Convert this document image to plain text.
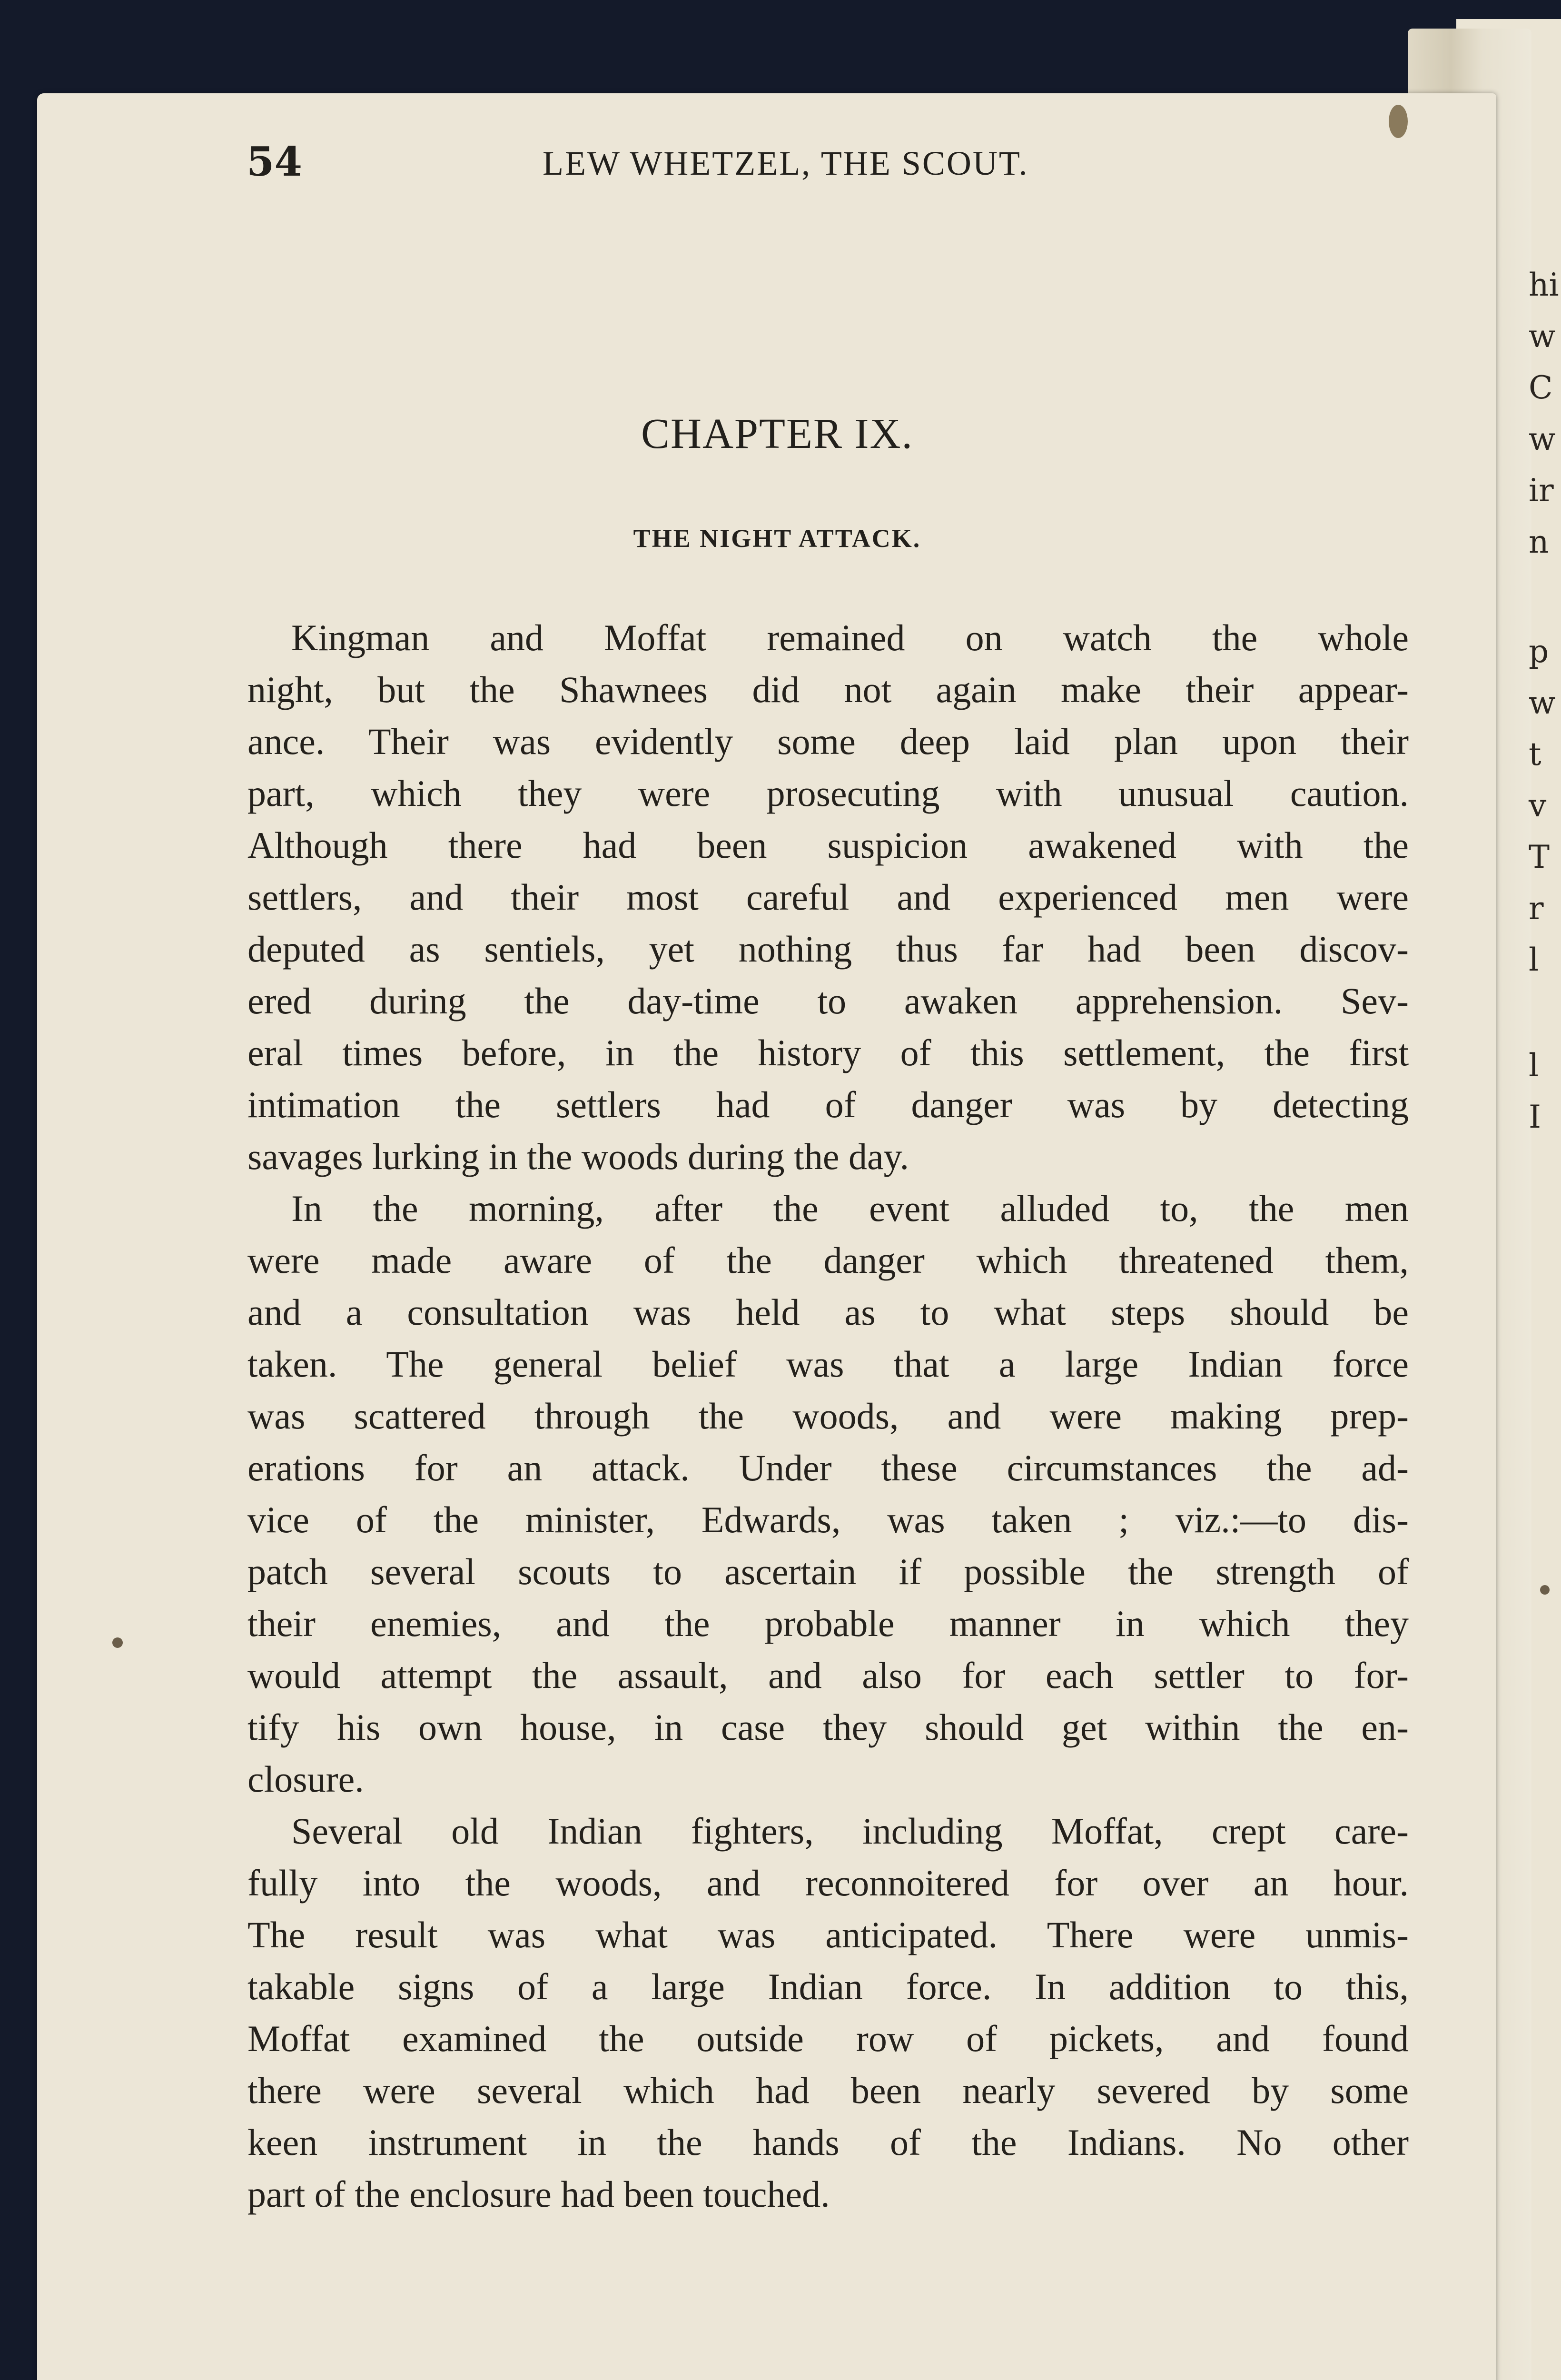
54	LEW WHETZEL, THE SCOUT.
CHAPTER IX.
THE NIGHT ATTACK.
Kingman and Moffat remained on watch the whole
night, but the Shawnees did not again make their appear-
ance. Their was evidently some deep laid plan upon their
part, which they were prosecuting with unusual caution.
Although there had been suspicion awakened with the
settlers, and their most careful and experienced men were
deputed as sentiels, yet nothing thus far had been discov-
ered during the day-time to awaken apprehension. Sev-
eral times before, in the history of this settlement, the first
intimation the settlers had of danger was by detecting
savages lurking in the woods during the day.
In the morning, after the event alluded to, the men
were made aware of the danger which threatened them,
and a consultation was held as to what steps should be
taken. The general belief was that a large Indian force
was scattered through the woods, and were making prep-
erations for an attack. Under these circumstances the ad-
vice of the minister, Edwards, was taken ; viz.:—to dis-
patch several scouts to ascertain if possible the strength of
their enemies, and the probable manner in which they
would attempt the assault, and also for each settler to for-
tify his own house, in case they should get within the en-
closure.
Several old Indian fighters, including Moffat, crept care-
fully into the woods, and reconnoitered for over an hour.
The result was what was anticipated. There were unmis-
takable signs of a large Indian force. In addition to this,
Moffat examined the outside row of pickets, and found
there were several which had been nearly severed by some
keen instrument in the hands of the Indians. No other
part of the enclosure had been touched.
hi
w
C
w
ir
n
p
w
t
v
T
r
l
l
I
